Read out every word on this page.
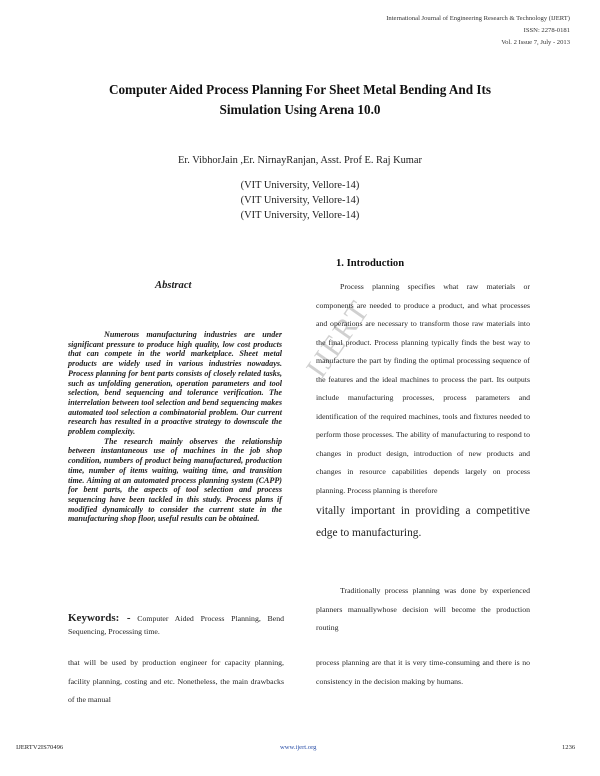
IJERT
International Journal of Engineering Research & Technology (IJERT)
ISSN: 2278-0181
Vol. 2 Issue 7, July - 2013
Computer Aided Process Planning For Sheet Metal Bending And Its
Simulation Using Arena 10.0
Er. VibhorJain ,Er. NirnayRanjan, Asst. Prof E. Raj Kumar
(VIT University, Vellore-14)
(VIT University, Vellore-14)
(VIT University, Vellore-14)
Abstract
1. Introduction

Numerous manufacturing industries are under significant pressure to produce high quality, low cost products that can compete in the world marketplace. Sheet metal products are widely used in various industries nowadays. Process planning for bent parts consists of closely related tasks, such as unfolding generation, operation parameters and tool selection, bend sequencing and tolerance verification. The interrelation between tool selection and bend sequencing makes automated tool selection a combinatorial problem. Our current research has resulted in a proactive strategy to downscale the problem complexity.

The research mainly observes the relationship between instantaneous use of machines in the job shop condition, numbers of product being manufactured, production time, number of items waiting, waiting time, and transition time. Aiming at an automated process planning system (CAPP) for bent parts, the aspects of tool selection and process sequencing have been tackled in this study. Process plans if modified dynamically to consider the current state in the manufacturing shop floor, useful results can be obtained.

Keywords: - Computer Aided Process Planning, Bend Sequencing, Processing time.
that will be used by production engineer for capacity planning, facility planning, costing and etc. Nonetheless, the main drawbacks of the manual

Process planning specifies what raw materials or components are needed to produce a product, and what processes and operations are necessary to transform those raw materials into the final product. Process planning typically finds the best way to manufacture the part by finding the optimal processing sequence of the features and the ideal machines to process the part. Its outputs include manufacturing processes, process parameters and identification of the required machines, tools and fixtures needed to perform those processes. The ability of manufacturing to respond to changes in product design, introduction of new products and changes in resource capabilities depends largely on process planning. Process planning is therefore

vitally important in providing a competitive edge to manufacturing.

Traditionally process planning was done by experienced planners manuallywhose decision will become the production routing

process planning are that it is very time-consuming and there is no consistency in the decision making by humans.

IJERTV2IS70496	www.ijert.org	1236
